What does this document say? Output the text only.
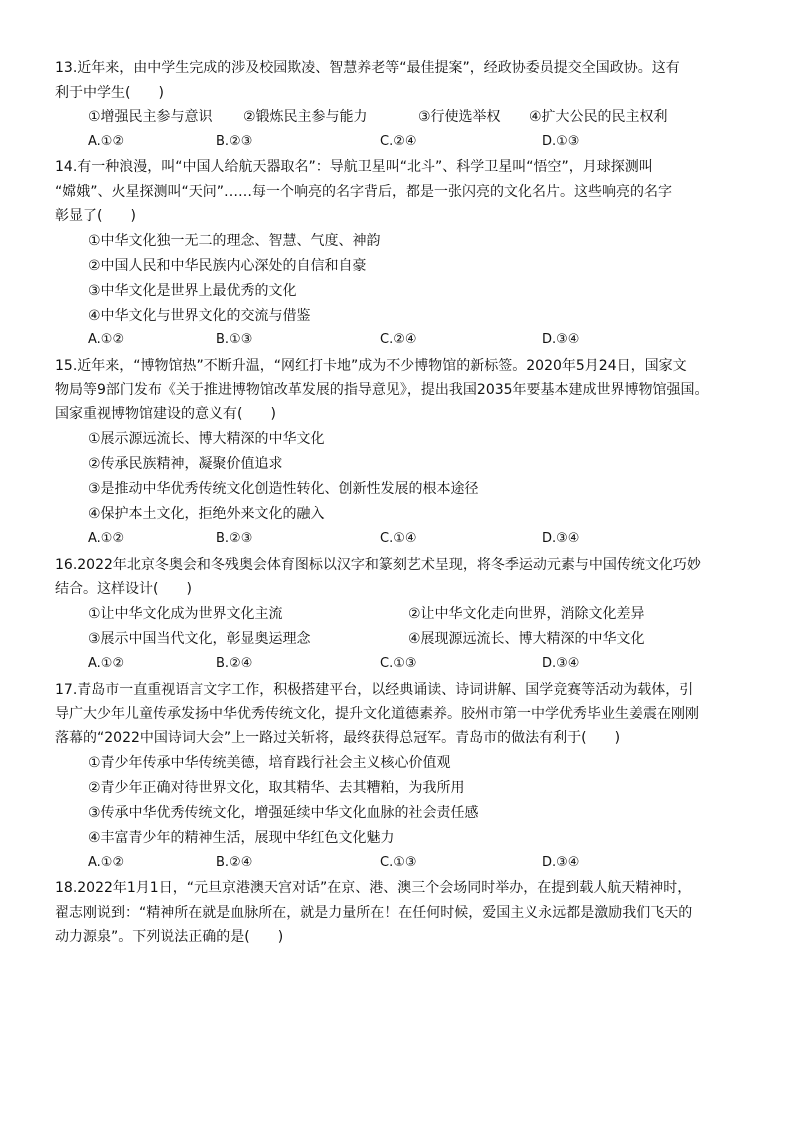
13.近年来，由中学生完成的涉及校园欺凌、智慧养老等“最佳提案”，经政协委员提交全国政协。这有
利于中学生(　　)
①增强民主参与意识 ②锻炼民主参与能力	③行使选举权 ④扩大公民的民主权利
A.①②	B.②③	C.②④	D.①③
14.有一种浪漫，叫“中国人给航天器取名”：导航卫星叫“北斗”、科学卫星叫“悟空”，月球探测叫
“嫦娥”、火星探测叫“天问”……每一个响亮的名字背后，都是一张闪亮的文化名片。这些响亮的名字
彰显了(　　)
①中华文化独一无二的理念、智慧、气度、神韵
②中国人民和中华民族内心深处的自信和自豪
③中华文化是世界上最优秀的文化
④中华文化与世界文化的交流与借鉴
A.①②	B.①③	C.②④	D.③④
15.近年来，“博物馆热”不断升温，“网红打卡地”成为不少博物馆的新标签。2020年5月24日，国家文
物局等9部门发布《关于推进博物馆改革发展的指导意见》，提出我国2035年要基本建成世界博物馆强国。
国家重视博物馆建设的意义有(　　)
①展示源远流长、博大精深的中华文化
②传承民族精神，凝聚价值追求
③是推动中华优秀传统文化创造性转化、创新性发展的根本途径
④保护本土文化，拒绝外来文化的融入
A.①②	B.②③	C.①④	D.③④
16.2022年北京冬奥会和冬残奥会体育图标以汉字和篆刻艺术呈现，将冬季运动元素与中国传统文化巧妙
结合。这样设计(　　)
①让中华文化成为世界文化主流	②让中华文化走向世界，消除文化差异
③展示中国当代文化，彰显奥运理念	④展现源远流长、博大精深的中华文化
A.①②	B.②④	C.①③	D.③④
17.青岛市一直重视语言文字工作，积极搭建平台，以经典诵读、诗词讲解、国学竞赛等活动为载体，引
导广大少年儿童传承发扬中华优秀传统文化，提升文化道德素养。胶州市第一中学优秀毕业生姜震在刚刚
落幕的“2022中国诗词大会”上一路过关斩将，最终获得总冠军。青岛市的做法有利于(　　)
①青少年传承中华传统美德，培育践行社会主义核心价值观
②青少年正确对待世界文化，取其精华、去其糟粕，为我所用
③传承中华优秀传统文化，增强延续中华文化血脉的社会责任感
④丰富青少年的精神生活，展现中华红色文化魅力
A.①②	B.②④	C.①③	D.③④
18.2022年1月1日，“元旦京港澳天宫对话”在京、港、澳三个会场同时举办，在提到载人航天精神时，
翟志刚说到：“精神所在就是血脉所在，就是力量所在！在任何时候，爱国主义永远都是激励我们飞天的
动力源泉”。下列说法正确的是(　　)
